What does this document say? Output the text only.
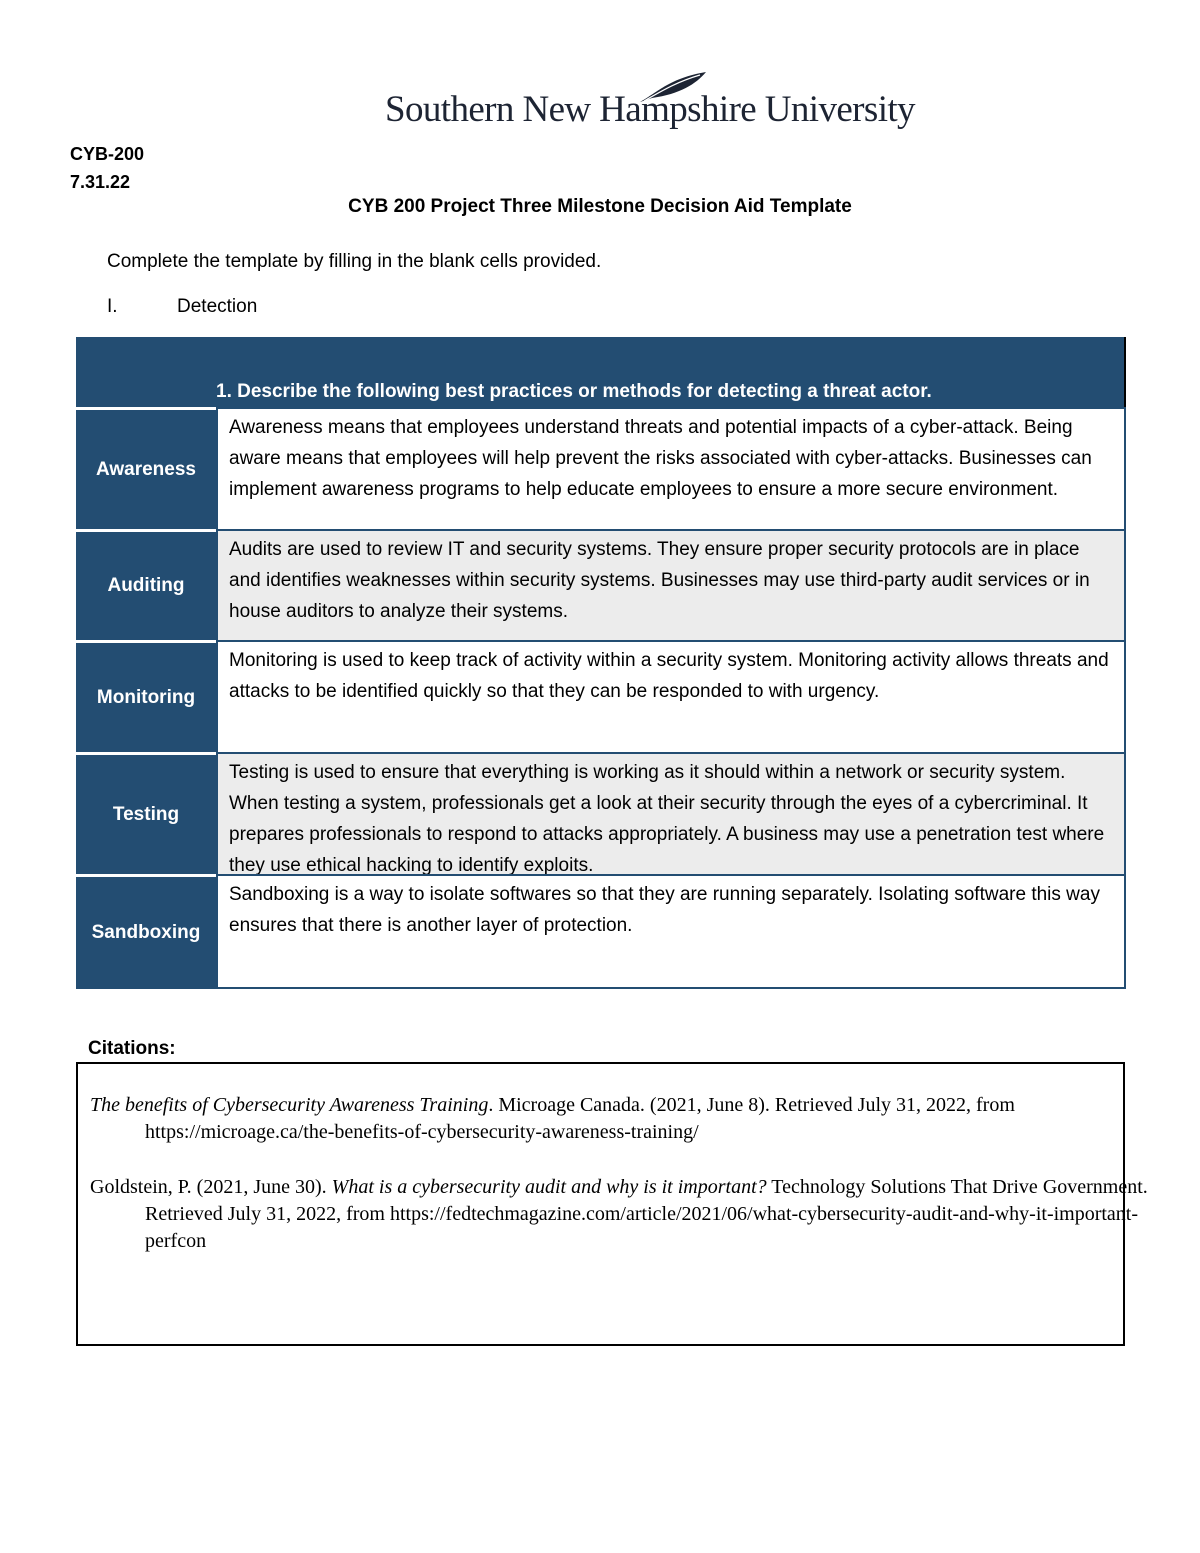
Southern New Hampshire University
CYB-200
7.31.22
CYB 200 Project Three Milestone Decision Aid Template
Complete the template by filling in the blank cells provided.
I.	Detection
1. Describe the following best practices or methods for detecting a threat actor.
Awareness
Awareness means that employees understand threats and potential impacts of a cyber-attack. Being aware means that employees will help prevent the risks associated with cyber-attacks. Businesses can implement awareness programs to help educate employees to ensure a more secure environment.
Auditing
Audits are used to review IT and security systems. They ensure proper security protocols are in place and identifies weaknesses within security systems. Businesses may use third-party audit services or in house auditors to analyze their systems.
Monitoring
Monitoring is used to keep track of activity within a security system. Monitoring activity allows threats and attacks to be identified quickly so that they can be responded to with urgency.
Testing
Testing is used to ensure that everything is working as it should within a network or security system. When testing a system, professionals get a look at their security through the eyes of a cybercriminal. It prepares professionals to respond to attacks appropriately. A business may use a penetration test where they use ethical hacking to identify exploits.
Sandboxing
Sandboxing is a way to isolate softwares so that they are running separately. Isolating software this way ensures that there is another layer of protection.
Citations:
The benefits of Cybersecurity Awareness Training. Microage Canada. (2021, June 8). Retrieved July 31, 2022, from https://microage.ca/the-benefits-of-cybersecurity-awareness-training/
Goldstein, P. (2021, June 30). What is a cybersecurity audit and why is it important? Technology Solutions That Drive Government. Retrieved July 31, 2022, from https://fedtechmagazine.com/article/2021/06/what-cybersecurity-audit-and-why-it-important-perfcon
